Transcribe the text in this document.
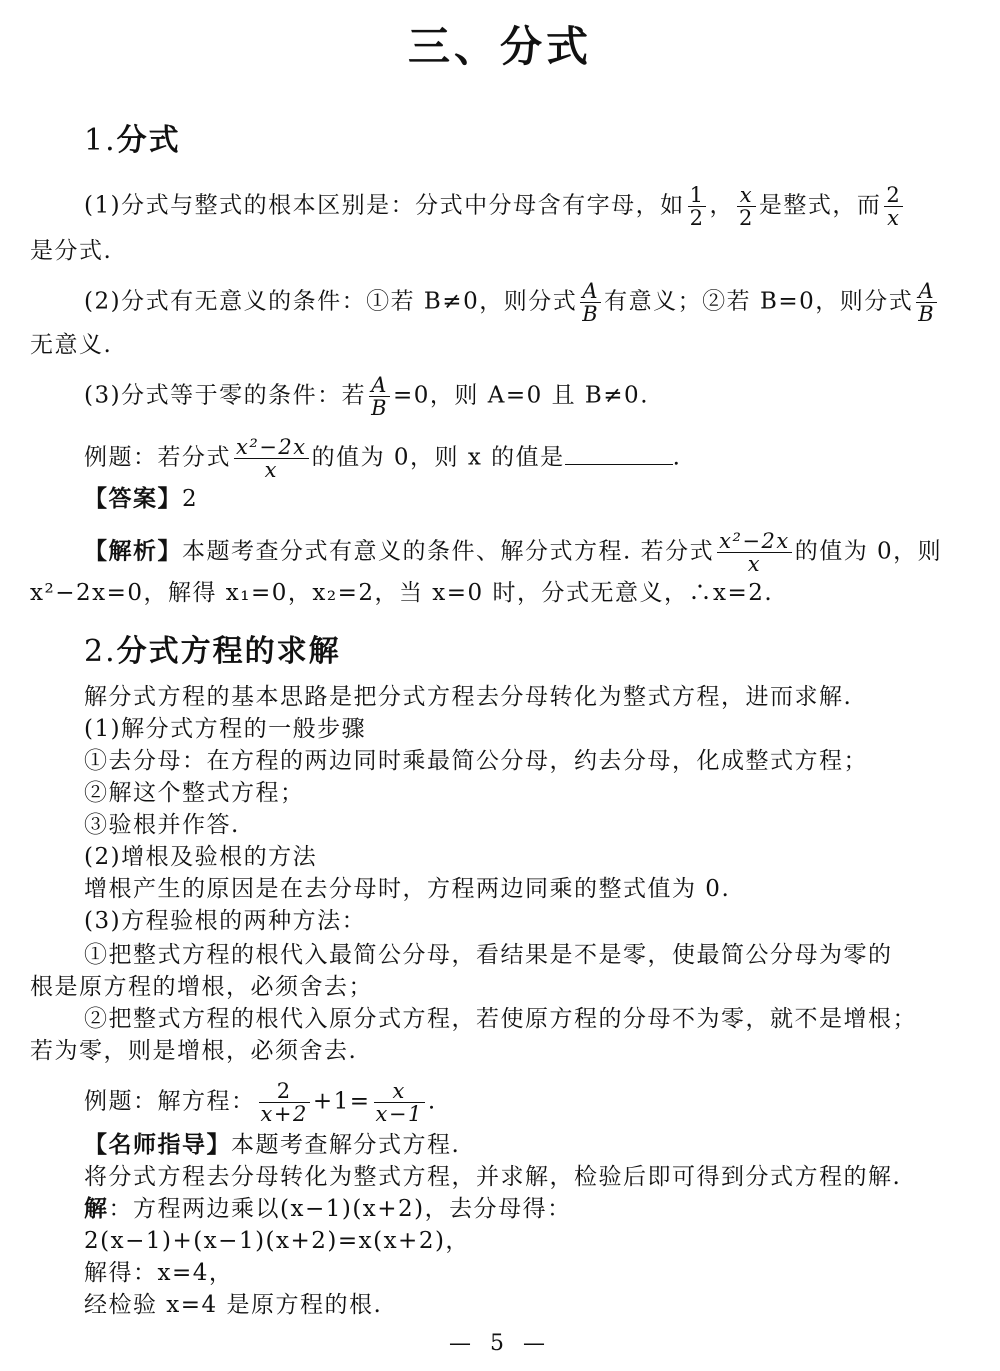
三、分式
1.分式
(1)分式与整式的根本区别是：分式中分母含有字母，如 $\frac{1}{2}$ ， $\frac{x}{2}$ 是整式，而 $\frac{2}{x}$
是分式.
(2)分式有无意义的条件：①若 B≠0，则分式 $\frac{A}{B}$ 有意义；②若 B=0，则分式 $\frac{A}{B}$
无意义.
(3)分式等于零的条件：若 $\frac{A}{B} =0$，则 A=0 且 B≠0.
例题：若分式 $\frac{\text{x²−2x}}{x}$ 的值为 0，则 x 的值是	.
【答案】2
【解析】本题考查分式有意义的条件、解分式方程. 若分式 $\frac{\text{x²−2x}}{x}$ 的值为 0，则
x²−2x=0，解得 x₁=0，x₂=2，当 x=0 时，分式无意义，∴x=2.
2.分式方程的求解
解分式方程的基本思路是把分式方程去分母转化为整式方程，进而求解.
(1)解分式方程的一般步骤
①去分母：在方程的两边同时乘最简公分母，约去分母，化成整式方程；
②解这个整式方程；
③验根并作答.
(2)增根及验根的方法
增根产生的原因是在去分母时，方程两边同乘的整式值为 0.
(3)方程验根的两种方法：
①把整式方程的根代入最简公分母，看结果是不是零，使最简公分母为零的
根是原方程的增根，必须舍去；
②把整式方程的根代入原分式方程，若使原方程的分母不为零，就不是增根；
若为零，则是增根，必须舍去.
例题：解方程： $\frac{2}{x+2} +1= \frac{x}{x-1}$ .
【名师指导】本题考查解分式方程.
将分式方程去分母转化为整式方程，并求解，检验后即可得到分式方程的解.
解：方程两边乘以(x−1)(x+2)，去分母得：
2(x−1)+(x−1)(x+2)=x(x+2)，
解得：x=4，
经检验 x=4 是原方程的根.
— 5 —
